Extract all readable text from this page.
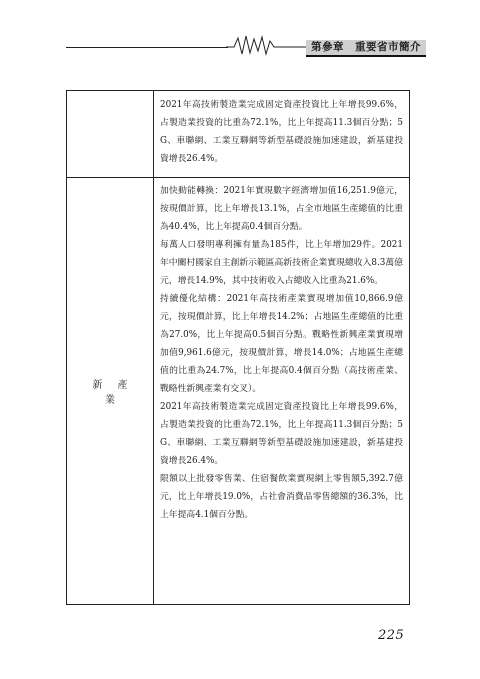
第參章　重要省市簡介

2021年高技術製造業完成固定資產投資比上年增長99.6%，占製造業投資的比重為72.1%，比上年提高11.3個百分點；5G、車聯網、工業互聯網等新型基礎設施加速建設，新基建投資增長26.4%。

新產業

加快動能轉換：2021年實現數字經濟增加值16,251.9億元，按現價計算，比上年增長13.1%，占全市地區生產總值的比重為40.4%，比上年提高0.4個百分點。

每萬人口發明專利擁有量為185件，比上年增加29件。2021年中關村國家自主創新示範區高新技術企業實現總收入8.3萬億元，增長14.9%，其中技術收入占總收入比重為21.6%。

持續優化結構：2021年高技術產業實現增加值10,866.9億元，按現價計算，比上年增長14.2%；占地區生產總值的比重為27.0%，比上年提高0.5個百分點。戰略性新興產業實現增加值9,961.6億元，按現價計算，增長14.0%；占地區生產總值的比重為24.7%，比上年提高0.4個百分點（高技術產業、戰略性新興產業有交叉）。

2021年高技術製造業完成固定資產投資比上年增長99.6%，占製造業投資的比重為72.1%，比上年提高11.3個百分點；5G、車聯網、工業互聯網等新型基礎設施加速建設，新基建投資增長26.4%。

限額以上批發零售業、住宿餐飲業實現網上零售額5,392.7億元，比上年增長19.0%，占社會消費品零售總額的36.3%，比上年提高4.1個百分點。

225
